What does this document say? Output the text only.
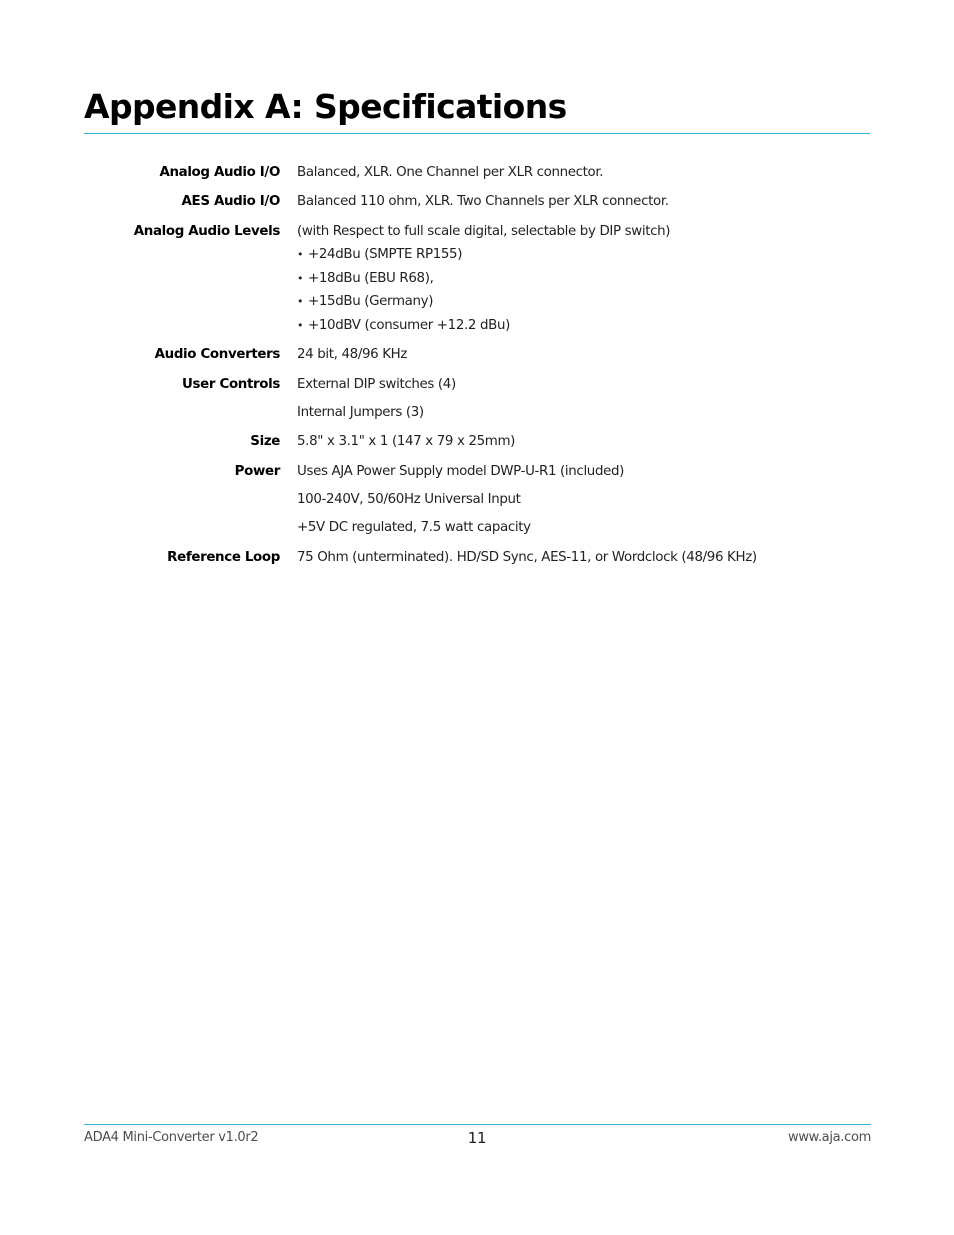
Appendix A: Specifications
Analog Audio I/O Balanced, XLR. One Channel per XLR connector.
AES Audio I/O Balanced 110 ohm, XLR. Two Channels per XLR connector.
Analog Audio Levels (with Respect to full scale digital, selectable by DIP switch)
• +24dBu (SMPTE RP155)
• +18dBu (EBU R68),
• +15dBu (Germany)
• +10dBV (consumer +12.2 dBu)
Audio Converters 24 bit, 48/96 KHz
User Controls External DIP switches (4)
Internal Jumpers (3)
Size 5.8" x 3.1" x 1 (147 x 79 x 25mm)
Power Uses AJA Power Supply model DWP-U-R1 (included)
100-240V, 50/60Hz Universal Input
+5V DC regulated, 7.5 watt capacity
Reference Loop 75 Ohm (unterminated). HD/SD Sync, AES-11, or Wordclock (48/96 KHz)
ADA4 Mini-Converter v1.0r2	11	www.aja.com
